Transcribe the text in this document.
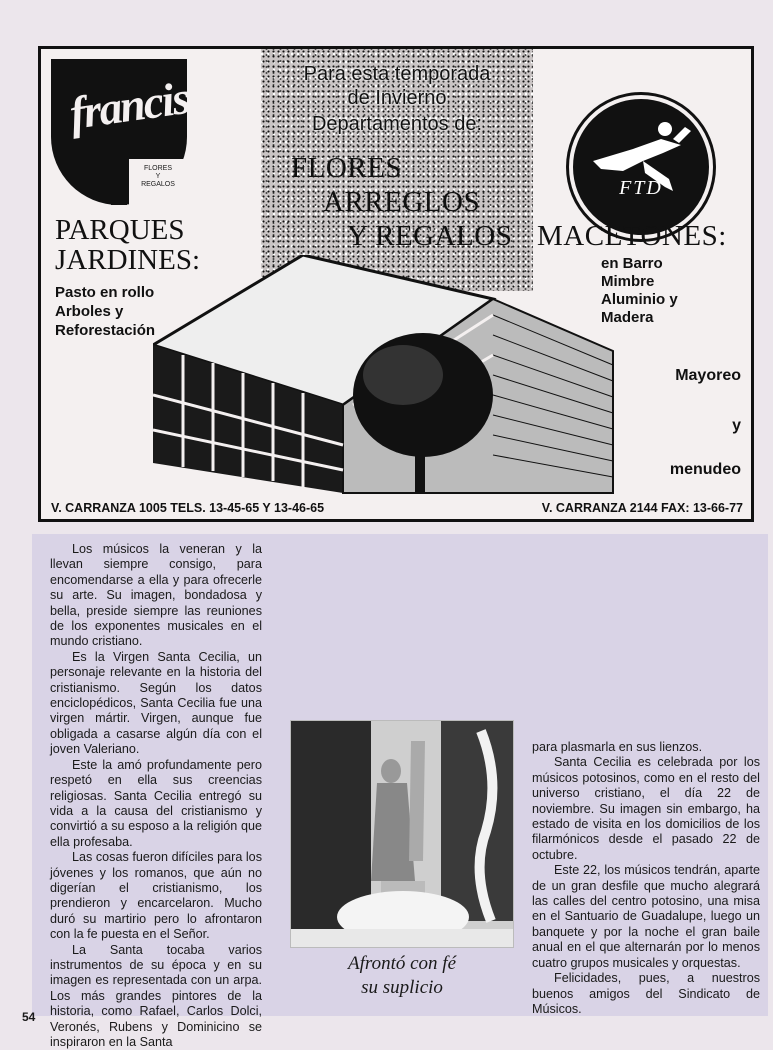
Para esta temporada
de Invierno
Departamentos de:
FLORES
ARREGLOS
Y REGALOS
FLORES
Y
REGALOS
francis
PARQUES
JARDINES:
Pasto en rollo
Arboles y
Reforestación
FTD
MACETONES:
en Barro
Mimbre
Aluminio y
Madera
Mayoreo
y
menudeo
V. CARRANZA 1005 TELS. 13-45-65 Y 13-46-65	V. CARRANZA 2144 FAX: 13-66-77

Los músicos la veneran y la llevan siempre consigo, para encomendarse a ella y para ofrecerle su arte. Su imagen, bondadosa y bella, preside siempre las reuniones de los exponentes musicales en el mundo cristiano.

Es la Virgen Santa Cecilia, un personaje relevante en la historia del cristianismo. Según los datos enciclopédicos, Santa Cecilia fue una virgen mártir. Virgen, aunque fue obligada a casarse algún día con el joven Valeriano.

Este la amó profundamente pero respetó en ella sus creencias religiosas. Santa Cecilia entregó su vida a la causa del cristianismo y convirtió a su esposo a la religión que ella profesaba.

Las cosas fueron difíciles para los jóvenes y los romanos, que aún no digerían el cristianismo, los prendieron y encarcelaron. Mucho duró su martirio pero lo afrontaron con la fe puesta en el Señor.

La Santa tocaba varios instrumentos de su época y en su imagen es representada con un arpa. Los más grandes pintores de la historia, como Rafael, Carlos Dolci, Veronés, Rubens y Dominicino se inspiraron en la Santa

Afrontó con fé
su suplicio
para plasmarla en sus lienzos.

Santa Cecilia es celebrada por los músicos potosinos, como en el resto del universo cristiano, el día 22 de noviembre. Su imagen sin embargo, ha estado de visita en los domicilios de los filarmónicos desde el pasado 22 de octubre.

Este 22, los músicos tendrán, aparte de un gran desfile que mucho alegrará las calles del centro potosino, una misa en el Santuario de Guadalupe, luego un banquete y por la noche el gran baile anual en el que alternarán por lo menos cuatro grupos musicales y orquestas.

Felicidades, pues, a nuestros buenos amigos del Sindicato de Músicos.

54
